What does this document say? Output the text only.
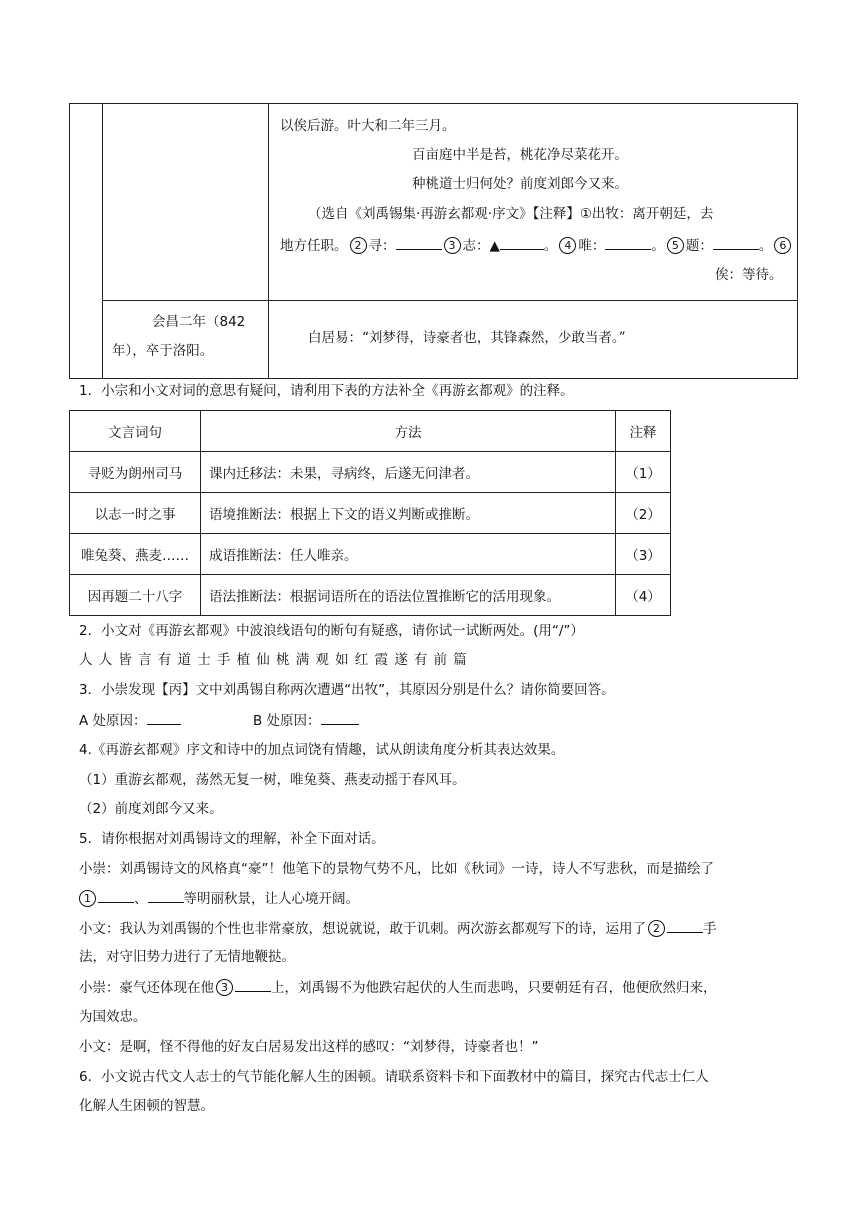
以俟后游。叶大和二年三月。
百亩庭中半是苔，桃花净尽菜花开。
种桃道士归何处？前度刘郎今又来。
（选自《刘禹锡集·再游玄都观·序文》【注释】①出牧：离开朝廷，去
地方任职。 2 寻：	3 志：▲	。 4 唯：	。 5 题：	。 6
俟：等待。
会昌二年（842
年），卒于洛阳。
白居易：“刘梦得，诗豪者也，其锋森然，少敢当者。”
1．小宗和小文对词的意思有疑问，请利用下表的方法补全《再游玄都观》的注释。
文言词句	方法	注释
寻贬为朗州司马	课内迁移法：未果，寻病终，后遂无问津者。	（1）
以志一时之事	语境推断法：根据上下文的语义判断或推断。	（2）
唯兔葵、燕麦……	成语推断法：任人唯亲。	（3）
因再题二十八字	语法推断法：根据词语所在的语法位置推断它的活用现象。	（4）
2．小文对《再游玄都观》中波浪线语句的断句有疑惑，请你试一试断两处。(用“/”）
人人皆言有道士手植仙桃满观如红霞遂有前篇
3．小崇发现【丙】文中刘禹锡自称两次遭遇“出牧”，其原因分别是什么？请你简要回答。
A 处原因：	B 处原因：
4.《再游玄都观》序文和诗中的加点词饶有情趣，试从朗读角度分析其表达效果。
（1）重游玄都观，荡然无复一树，唯兔葵、燕麦动摇于春风耳。
（2）前度刘郎今又来。
5．请你根据对刘禹锡诗文的理解，补全下面对话。
小崇：刘禹锡诗文的风格真“豪”！他笔下的景物气势不凡，比如《秋词》一诗，诗人不写悲秋，而是描绘了
1	、	等明丽秋景，让人心境开阔。
小文：我认为刘禹锡的个性也非常豪放，想说就说，敢于讥刺。两次游玄都观写下的诗，运用了 2	手
法，对守旧势力进行了无情地鞭挞。
小崇：豪气还体现在他 3	上，刘禹锡不为他跌宕起伏的人生而悲鸣，只要朝廷有召，他便欣然归来，
为国效忠。
小文：是啊，怪不得他的好友白居易发出这样的感叹：“刘梦得，诗豪者也！”
6．小文说古代文人志士的气节能化解人生的困顿。请联系资料卡和下面教材中的篇目，探究古代志士仁人
化解人生困顿的智慧。
